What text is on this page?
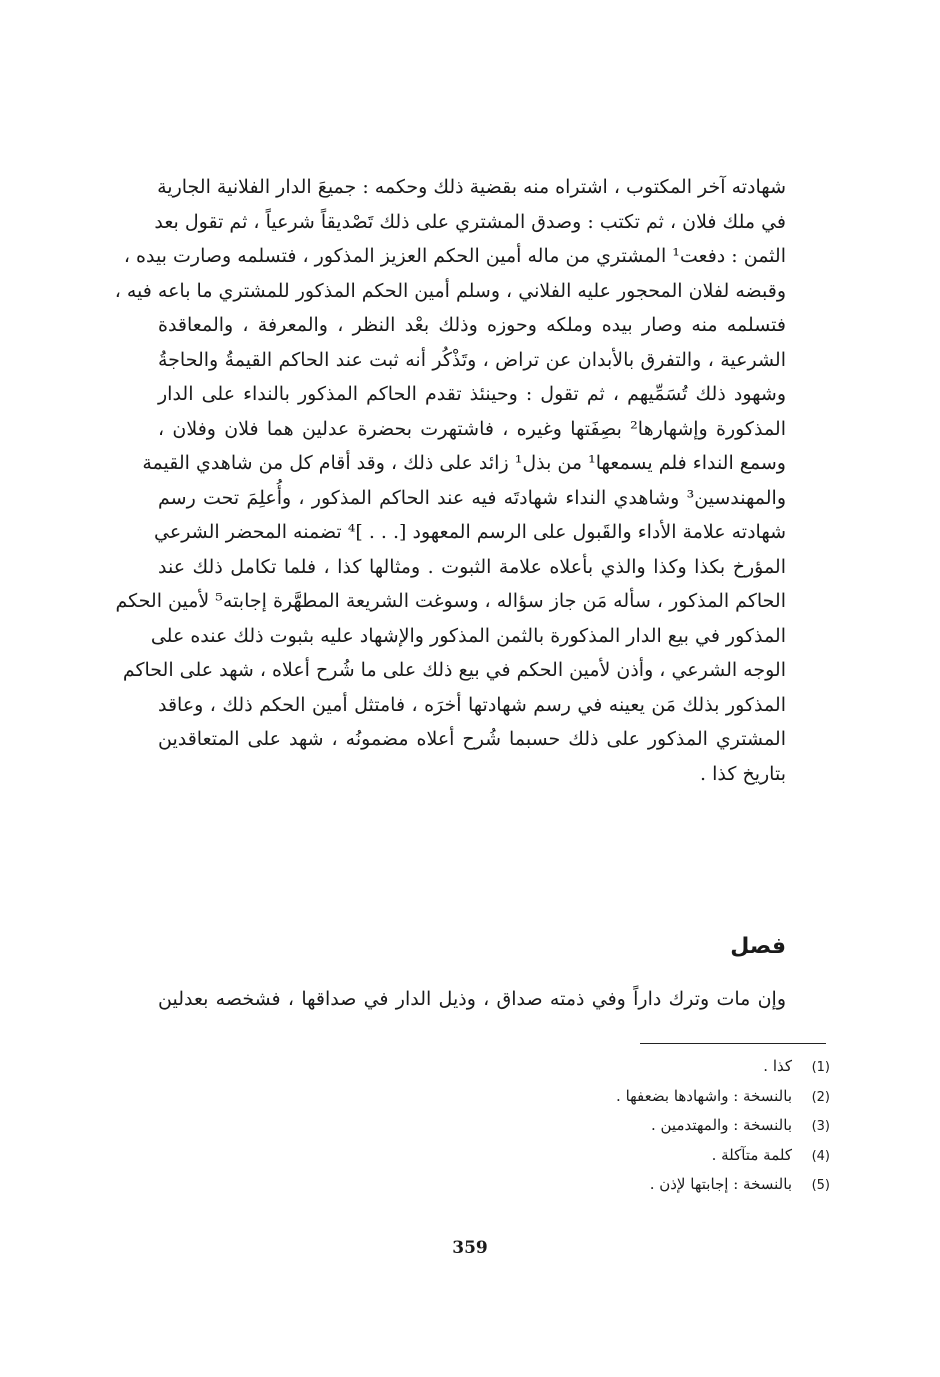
شهادته آخر المكتوب ، اشتراه منه بقضية ذلك وحكمه : جميعَ الدار الفلانية الجارية
في ملك فلان ، ثم تكتب : وصدق المشتري على ذلك تَصْديقاً شرعياً ، ثم تقول بعد
الثمن : دفعت¹ المشتري من ماله أمين الحكم العزيز المذكور ، فتسلمه وصارت بيده ،
وقبضه لفلان المحجور عليه الفلاني ، وسلم أمين الحكم المذكور للمشتري ما باعه فيه ،
فتسلمه منه وصار بيده وملكه وحوزه وذلك بعْد النظر ، والمعرفة ، والمعاقدة
الشرعية ، والتفرق بالأبدان عن تراض ، وتَذْكُر أنه ثبت عند الحاكم القيمةُ والحاجةُ
وشهود ذلك تُسَمِّيهم ، ثم تقول : وحينئذ تقدم الحاكم المذكور بالنداء على الدار
المذكورة وإشهارها² بصِفَتها وغيره ، فاشتهرت بحضرة عدلين هما فلان وفلان ،
وسمع النداء فلم يسمعها¹ من بذل¹ زائد على ذلك ، وقد أقام كل من شاهدي القيمة
والمهندسين³ وشاهدي النداء شهادتَه فيه عند الحاكم المذكور ، وأُعلِمَ تحت رسم
شهادته علامة الأداء والقَبول على الرسم المعهود [. . . ]⁴ تضمنه المحضر الشرعي
المؤرخ بكذا وكذا والذي بأعلاه علامة الثبوت . ومثالها كذا ، فلما تكامل ذلك عند
الحاكم المذكور ، سأله مَن جاز سؤاله ، وسوغت الشريعة المطهَّرة إجابته⁵ لأمين الحكم
المذكور في بيع الدار المذكورة بالثمن المذكور والإشهاد عليه بثبوت ذلك عنده على
الوجه الشرعي ، وأذن لأمين الحكم في بيع ذلك على ما شُرح أعلاه ، شهد على الحاكم
المذكور بذلك مَن يعينه في رسم شهادتها أخرَه ، فامتثل أمين الحكم ذلك ، وعاقد
المشتري المذكور على ذلك حسبما شُرح أعلاه مضمونُه ، شهد على المتعاقدين
بتاريخ كذا .
فصل
وإن مات وترك داراً وفي ذمته صداق ، وذيل الدار في صداقها ، فشخصه بعدلين
(1)
كذا .
(2)
بالنسخة : واشهادها بضعفها .
(3)
بالنسخة : والمهتدمين .
(4)
كلمة متآكلة .
(5)
بالنسخة : إجابتها لإذن .
359
